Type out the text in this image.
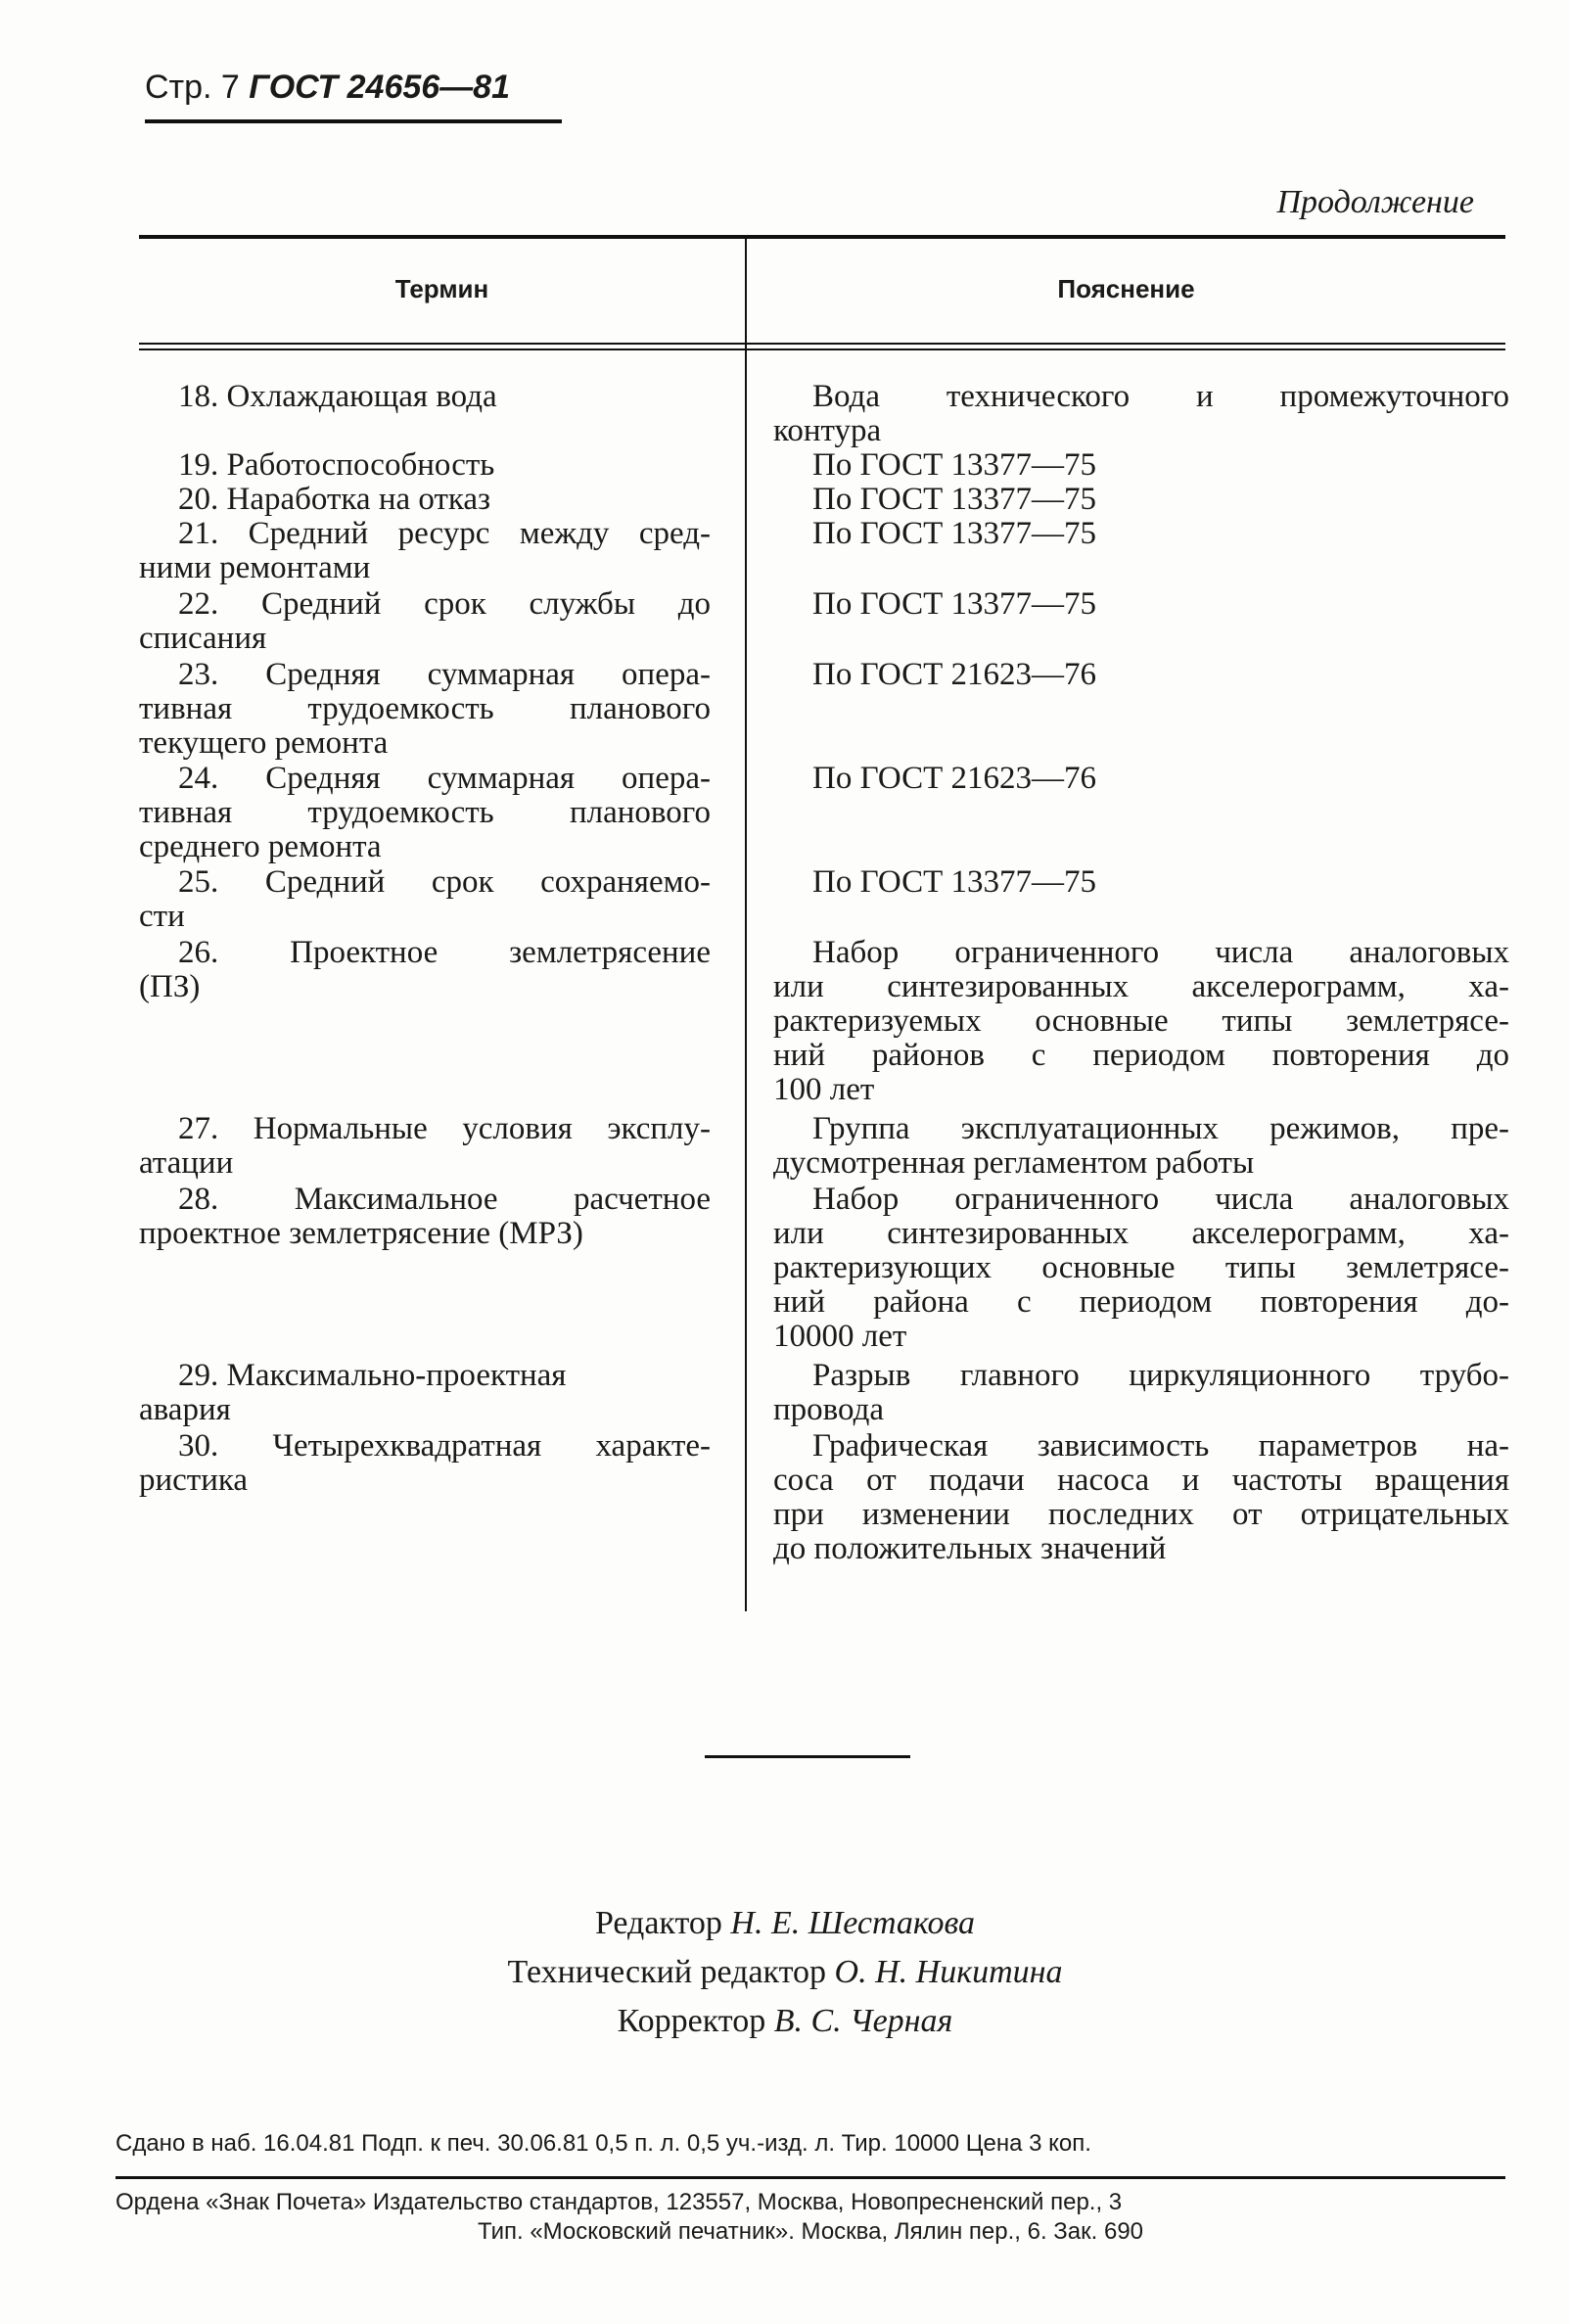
Стр. 7 ГОСТ 24656—81
Продолжение
Термин	Пояснение
18. Охлаждающая вода
19. Работоспособность
20. Наработка на отказ
21. Средний ресурс между сред-
ними ремонтами
22. Средний срок службы до
списания
23. Средняя суммарная опера-
тивная трудоемкость планового
текущего ремонта
24. Средняя суммарная опера-
тивная трудоемкость планового
среднего ремонта
25. Средний срок сохраняемо-
сти
26. Проектное землетрясение
(ПЗ)
27. Нормальные условия эксплу-
атации
28. Максимальное расчетное
проектное землетрясение (МРЗ)
29. Максимально-проектная
авария
30. Четырехквадратная характе-
ристика
Вода технического и промежуточного
контура
По ГОСТ 13377—75
По ГОСТ 13377—75
По ГОСТ 13377—75
По ГОСТ 13377—75
По ГОСТ 21623—76
По ГОСТ 21623—76
По ГОСТ 13377—75
Набор ограниченного числа аналоговых
или синтезированных акселерограмм, ха-
рактеризуемых основные типы землетрясе-
ний районов с периодом повторения до
100 лет
Группа эксплуатационных режимов, пре-
дусмотренная регламентом работы
Набор ограниченного числа аналоговых
или синтезированных акселерограмм, ха-
рактеризующих основные типы землетрясе-
ний района с периодом повторения до-
10000 лет
Разрыв главного циркуляционного трубо-
провода
Графическая зависимость параметров на-
соса от подачи насоса и частоты вращения
при изменении последних от отрицательных
до положительных значений
Редактор Н. Е. Шестакова
Технический редактор О. Н. Никитина
Корректор В. С. Черная
Сдано в наб. 16.04.81 Подп. к печ. 30.06.81 0,5 п. л. 0,5 уч.-изд. л. Тир. 10000 Цена 3 коп.
Ордена «Знак Почета» Издательство стандартов, 123557, Москва, Новопресненский пер., 3
Тип. «Московский печатник». Москва, Лялин пер., 6. Зак. 690
